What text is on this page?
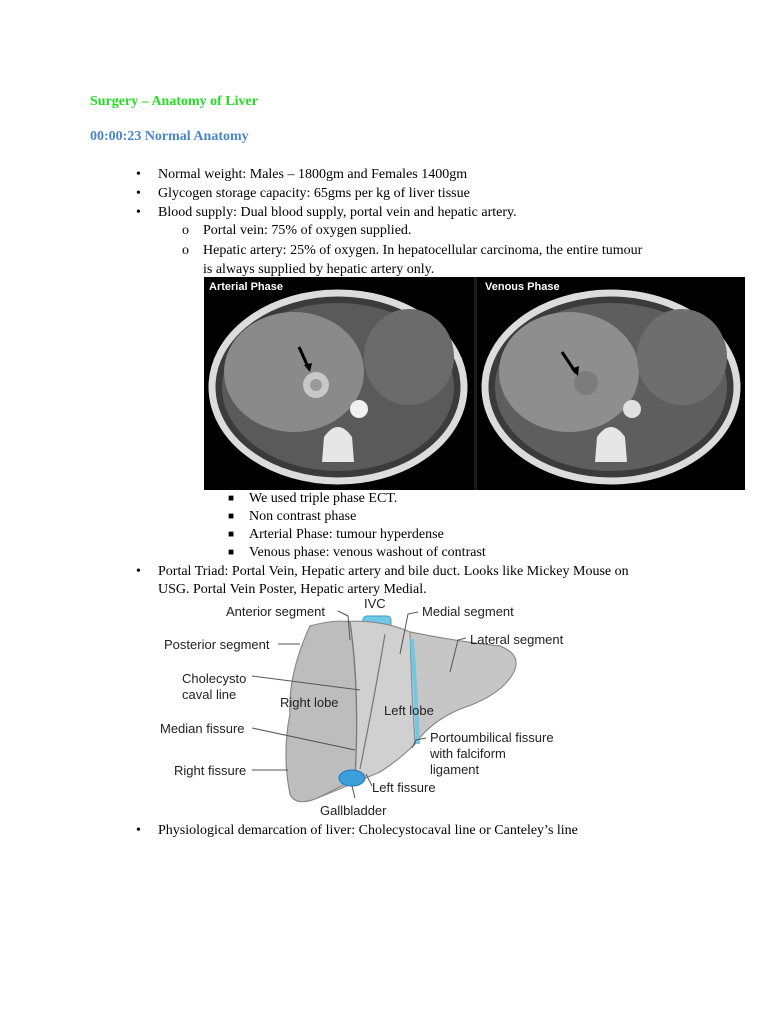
Surgery – Anatomy of Liver
00:00:23 Normal Anatomy
• Normal weight: Males – 1800gm and Females 1400gm
• Glycogen storage capacity: 65gms per kg of liver tissue
• Blood supply: Dual blood supply, portal vein and hepatic artery.
o Portal vein: 75% of oxygen supplied.
o Hepatic artery: 25% of oxygen. In hepatocellular carcinoma, the entire tumour
is always supplied by hepatic artery only.
Arterial Phase	Venous Phase
■ We used triple phase ECT.
■ Non contrast phase
■ Arterial Phase: tumour hyperdense
■ Venous phase: venous washout of contrast
• Portal Triad: Portal Vein, Hepatic artery and bile duct. Looks like Mickey Mouse on
USG. Portal Vein Poster, Hepatic artery Medial.
Anterior segment
IVC
Medial segment
Posterior segment	Lateral segment
Cholecysto
caval line
Right lobe
Left lobe
Median fissure
Portoumbilical fissure
with falciform
ligament
Right fissure
Left fissure
Gallbladder
• Physiological demarcation of liver: Cholecystocaval line or Canteley’s line
